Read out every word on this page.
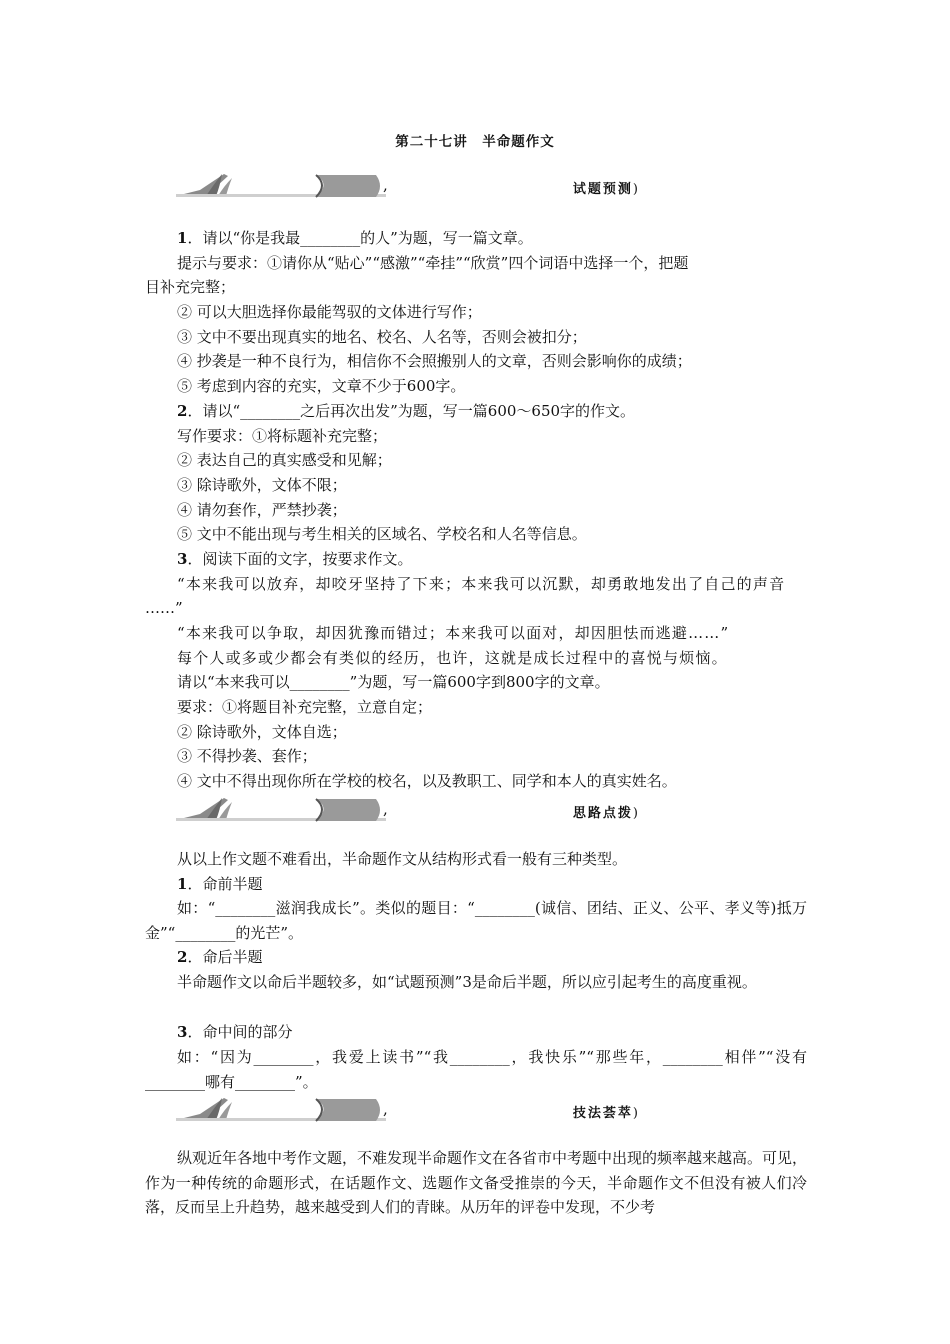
第二十七讲　半命题作文
,	试题预测)
1．请以“你是我最________的人”为题，写一篇文章。
提示与要求：①请你从“贴心”“感激”“牵挂”“欣赏”四个词语中选择一个，把题
目补充完整；
② 可以大胆选择你最能驾驭的文体进行写作；
③ 文中不要出现真实的地名、校名、人名等，否则会被扣分；
④ 抄袭是一种不良行为，相信你不会照搬别人的文章，否则会影响你的成绩；
⑤ 考虑到内容的充实，文章不少于600字。
2．请以“________之后再次出发”为题，写一篇600～650字的作文。
写作要求：①将标题补充完整；
② 表达自己的真实感受和见解；
③ 除诗歌外，文体不限；
④ 请勿套作，严禁抄袭；
⑤ 文中不能出现与考生相关的区域名、学校名和人名等信息。
3．阅读下面的文字，按要求作文。
“本来我可以放弃，却咬牙坚持了下来；本来我可以沉默，却勇敢地发出了自己的声音
……”
“本来我可以争取，却因犹豫而错过；本来我可以面对，却因胆怯而逃避……”
每个人或多或少都会有类似的经历，也许，这就是成长过程中的喜悦与烦恼。
请以“本来我可以________”为题，写一篇600字到800字的文章。
要求：①将题目补充完整，立意自定；
② 除诗歌外，文体自选；
③ 不得抄袭、套作；
④ 文中不得出现你所在学校的校名，以及教职工、同学和本人的真实姓名。
,	思路点拨)
从以上作文题不难看出，半命题作文从结构形式看一般有三种类型。
1．命前半题
如：“________滋润我成长”。类似的题目：“________(诚信、团结、正义、公平、孝义等)抵万金”“________的光芒”。
2．命后半题
半命题作文以命后半题较多，如“试题预测”3是命后半题，所以应引起考生的高度重视。
3．命中间的部分
如：“因为________，我爱上读书”“我________，我快乐”“那些年，________相伴”“没有________哪有________”。
,	技法荟萃)
纵观近年各地中考作文题，不难发现半命题作文在各省市中考题中出现的频率越来越高。可见，作为一种传统的命题形式，在话题作文、选题作文备受推崇的今天，半命题作文不但没有被人们冷落，反而呈上升趋势，越来越受到人们的青睐。从历年的评卷中发现，不少考
